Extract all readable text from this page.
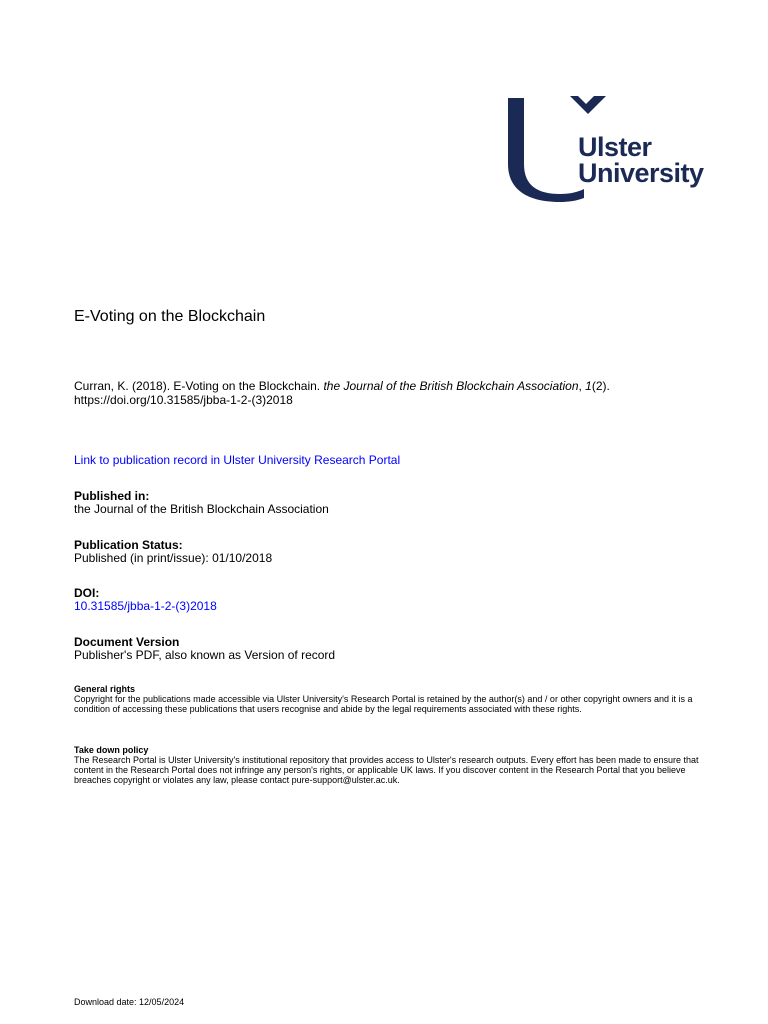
Ulster
University
E-Voting on the Blockchain
Curran, K. (2018). E-Voting on the Blockchain. the Journal of the British Blockchain Association, 1(2).
https://doi.org/10.31585/jbba-1-2-(3)2018
Link to publication record in Ulster University Research Portal
Published in:
the Journal of the British Blockchain Association
Publication Status:
Published (in print/issue): 01/10/2018
DOI:
10.31585/jbba-1-2-(3)2018
Document Version
Publisher's PDF, also known as Version of record
General rights
Copyright for the publications made accessible via Ulster University's Research Portal is retained by the author(s) and / or other copyright owners and it is a condition of accessing these publications that users recognise and abide by the legal requirements associated with these rights.
Take down policy
The Research Portal is Ulster University's institutional repository that provides access to Ulster's research outputs. Every effort has been made to ensure that content in the Research Portal does not infringe any person's rights, or applicable UK laws. If you discover content in the Research Portal that you believe breaches copyright or violates any law, please contact pure-support@ulster.ac.uk.
Download date: 12/05/2024
